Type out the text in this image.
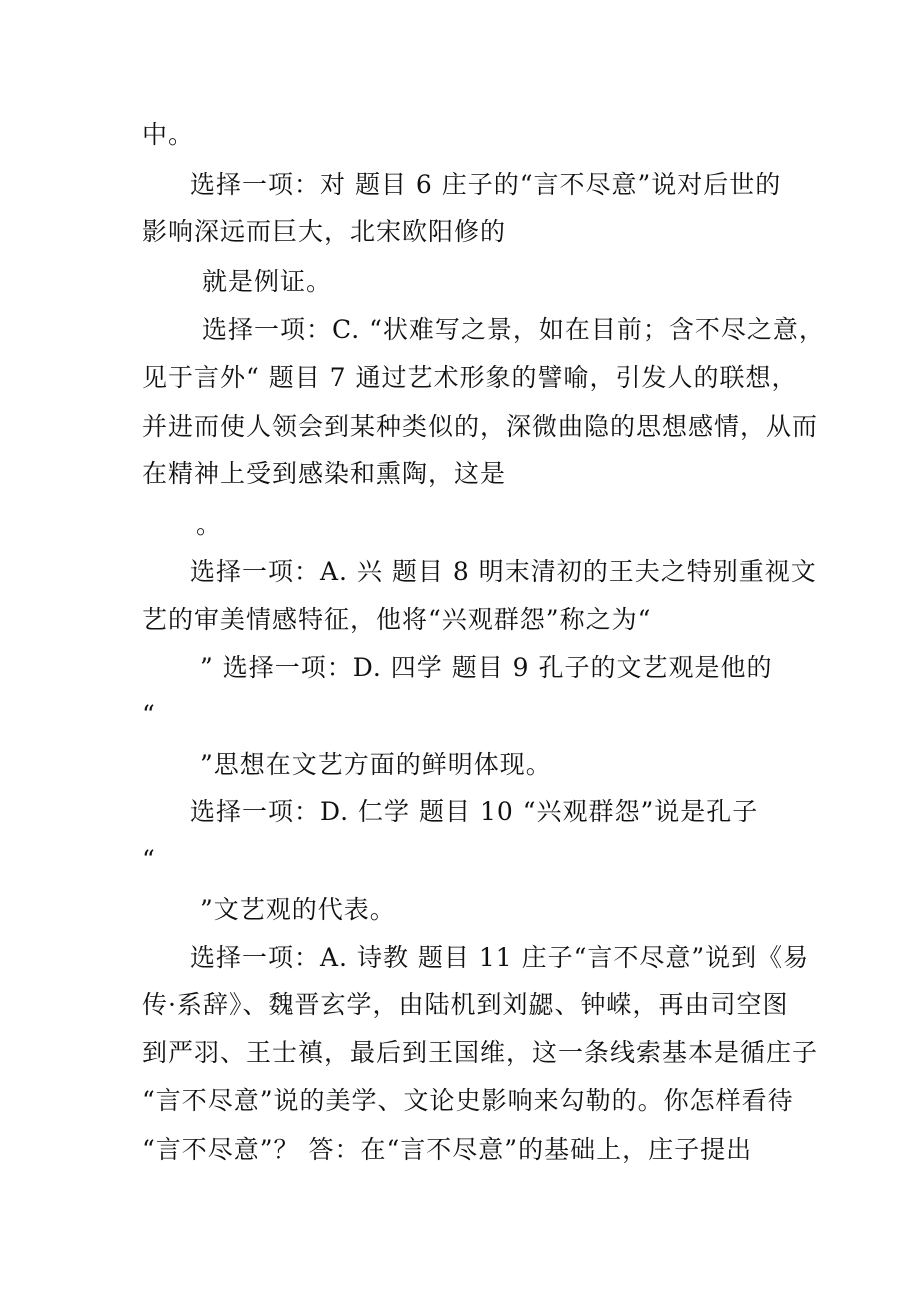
中。
选择一项：对 题目 6 庄子的“言不尽意”说对后世的
影响深远而巨大，北宋欧阳修的
就是例证。
选择一项：C. “状难写之景，如在目前；含不尽之意，
见于言外“ 题目 7 通过艺术形象的譬喻，引发人的联想，
并进而使人领会到某种类似的，深微曲隐的思想感情，从而
在精神上受到感染和熏陶，这是
。
选择一项：A. 兴 题目 8 明末清初的王夫之特别重视文
艺的审美情感特征，他将“兴观群怨”称之为“
” 选择一项：D. 四学 题目 9 孔子的文艺观是他的
“
”思想在文艺方面的鲜明体现。
选择一项：D. 仁学 题目 10 “兴观群怨”说是孔子
“
”文艺观的代表。
选择一项：A. 诗教 题目 11 庄子“言不尽意”说到《易
传·系辞》、魏晋玄学，由陆机到刘勰、钟嵘，再由司空图
到严羽、王士禛，最后到王国维，这一条线索基本是循庄子
“言不尽意”说的美学、文论史影响来勾勒的。你怎样看待
“言不尽意”？ 答：在“言不尽意”的基础上，庄子提出
